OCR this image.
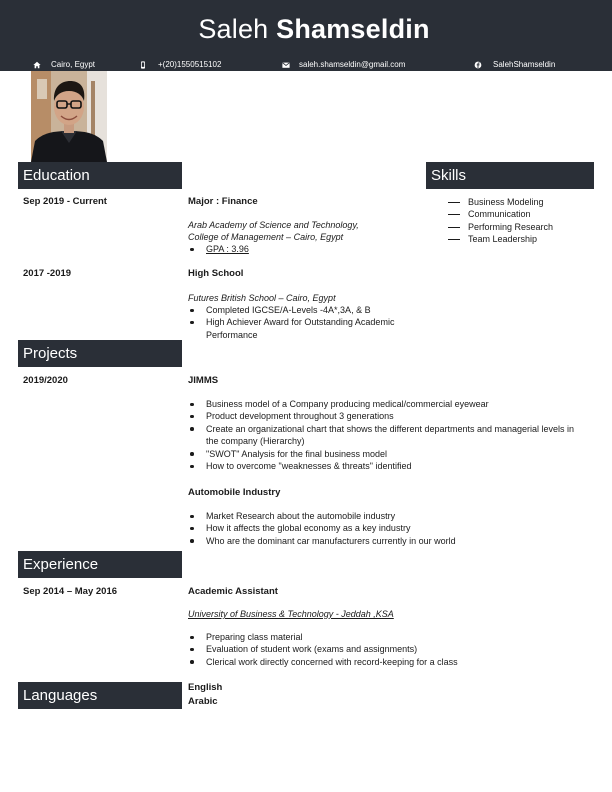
Saleh Shamseldin
Cairo, Egypt	+(20)1550515102	saleh.shamseldin@gmail.com	SalehShamseldin
Education
Sep 2019 - Current	Major : Finance
Arab Academy of Science and Technology,
College of Management – Cairo, Egypt
GPA : 3.96
2017 -2019	High School
Futures British School – Cairo, Egypt
Completed IGCSE/A-Levels -4A*,3A, & B
High Achiever Award for Outstanding Academic Performance
Skills
Business Modeling
Communication
Performing Research
Team Leadership
Projects
2019/2020	JIMMS
Business model of a Company producing medical/commercial eyewear
Product development throughout 3 generations
Create an organizational chart that shows the different departments and managerial levels in the company (Hierarchy)
"SWOT" Analysis for the final business model
How to overcome "weaknesses & threats" identified
Automobile Industry
Market Research about the automobile industry
How it affects the global economy as a key industry
Who are the dominant car manufacturers currently in our world
Experience
Sep 2014 – May 2016	Academic Assistant
University of Business & Technology - Jeddah ,KSA
Preparing class material
Evaluation of student work (exams and assignments)
Clerical work directly concerned with record-keeping for a class
Languages	English
Arabic
